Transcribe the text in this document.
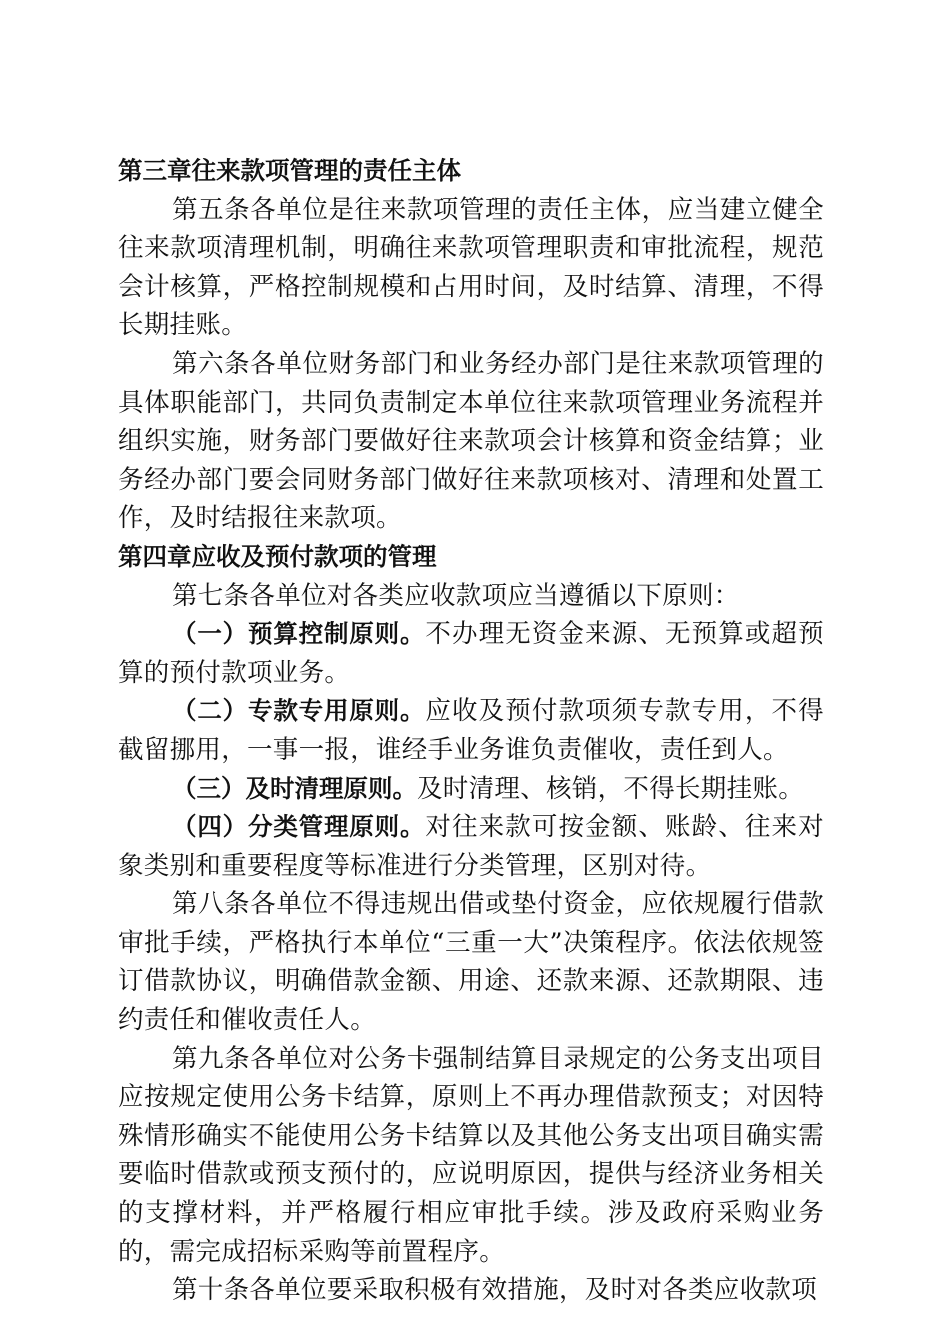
第三章往来款项管理的责任主体

第五条各单位是往来款项管理的责任主体，应当建立健全往来款项清理机制，明确往来款项管理职责和审批流程，规范会计核算，严格控制规模和占用时间，及时结算、清理，不得长期挂账。

第六条各单位财务部门和业务经办部门是往来款项管理的具体职能部门，共同负责制定本单位往来款项管理业务流程并组织实施，财务部门要做好往来款项会计核算和资金结算；业务经办部门要会同财务部门做好往来款项核对、清理和处置工作，及时结报往来款项。

第四章应收及预付款项的管理

第七条各单位对各类应收款项应当遵循以下原则：

（一）预算控制原则。不办理无资金来源、无预算或超预算的预付款项业务。

（二）专款专用原则。应收及预付款项须专款专用，不得截留挪用，一事一报，谁经手业务谁负责催收，责任到人。

（三）及时清理原则。及时清理、核销，不得长期挂账。

（四）分类管理原则。对往来款可按金额、账龄、往来对象类别和重要程度等标准进行分类管理，区别对待。

第八条各单位不得违规出借或垫付资金，应依规履行借款审批手续，严格执行本单位“三重一大”决策程序。依法依规签订借款协议，明确借款金额、用途、还款来源、还款期限、违约责任和催收责任人。

第九条各单位对公务卡强制结算目录规定的公务支出项目应按规定使用公务卡结算，原则上不再办理借款预支；对因特殊情形确实不能使用公务卡结算以及其他公务支出项目确实需要临时借款或预支预付的，应说明原因，提供与经济业务相关的支撑材料，并严格履行相应审批手续。涉及政府采购业务的，需完成招标采购等前置程序。

第十条各单位要采取积极有效措施，及时对各类应收款项
